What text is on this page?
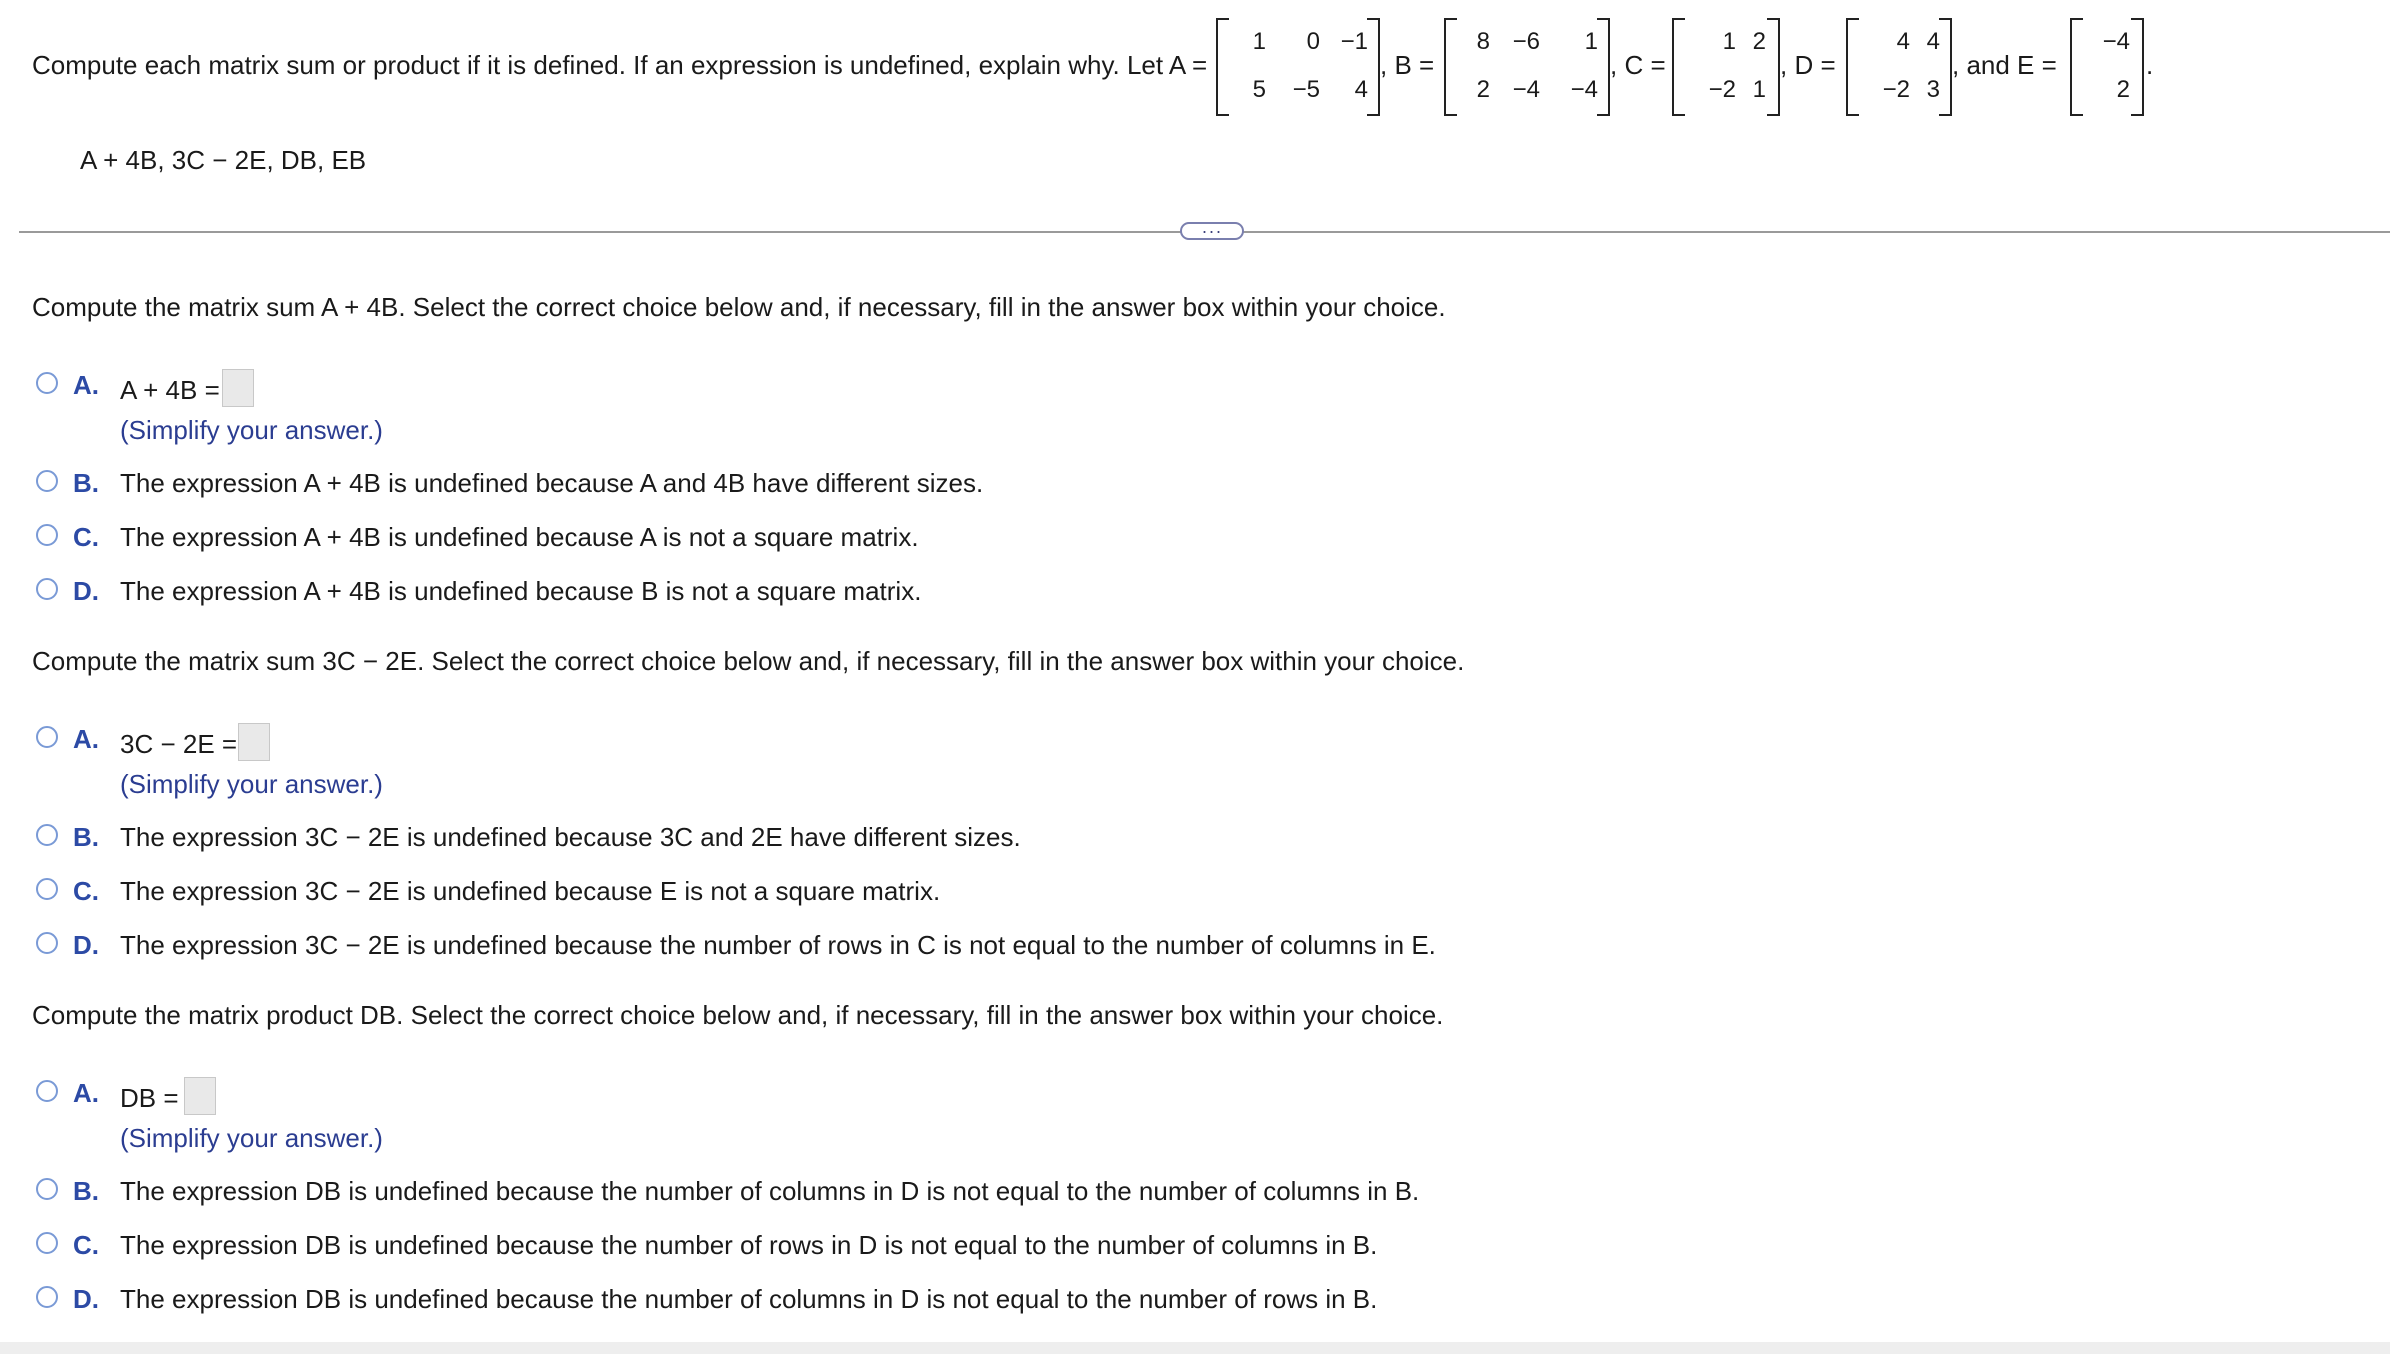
Compute each matrix sum or product if it is defined. If an expression is undefined, explain why. Let A =
1	0 −1
5	−5	4
, B =
8 −6	1
2 −4	−4
, C =
1 2
−2 1
, D =
4 4
−2 3
, and E =
−4
2
.
A + 4B, 3C − 2E, DB, EB
···
Compute the matrix sum A + 4B. Select the correct choice below and, if necessary, fill in the answer box within your choice.
A. A + 4B =
(Simplify your answer.)
B. The expression A + 4B is undefined because A and 4B have different sizes.
C. The expression A + 4B is undefined because A is not a square matrix.
D. The expression A + 4B is undefined because B is not a square matrix.
Compute the matrix sum 3C − 2E. Select the correct choice below and, if necessary, fill in the answer box within your choice.
A. 3C − 2E =
(Simplify your answer.)
B. The expression 3C − 2E is undefined because 3C and 2E have different sizes.
C. The expression 3C − 2E is undefined because E is not a square matrix.
D. The expression 3C − 2E is undefined because the number of rows in C is not equal to the number of columns in E.
Compute the matrix product DB. Select the correct choice below and, if necessary, fill in the answer box within your choice.
A. DB =
(Simplify your answer.)
B. The expression DB is undefined because the number of columns in D is not equal to the number of columns in B.
C. The expression DB is undefined because the number of rows in D is not equal to the number of columns in B.
D. The expression DB is undefined because the number of columns in D is not equal to the number of rows in B.
